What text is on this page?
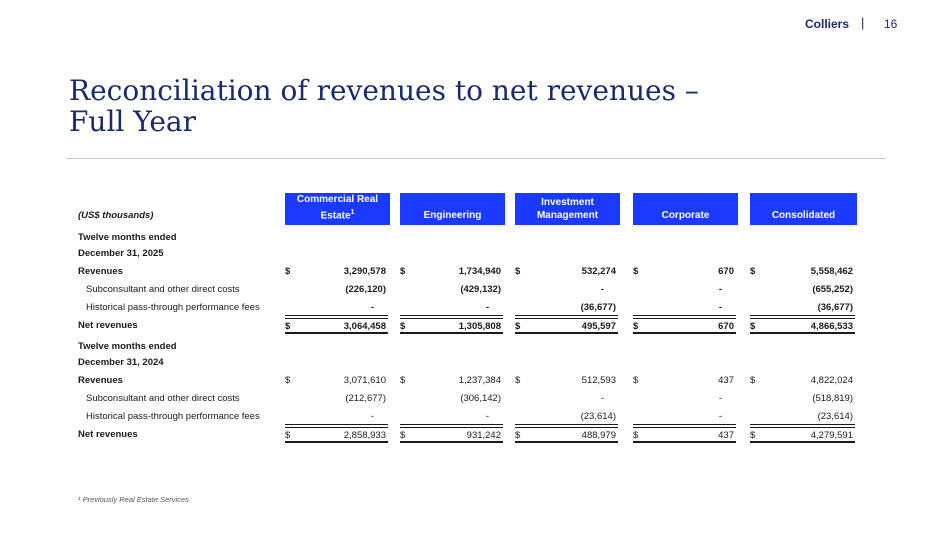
Colliers | 16
Reconciliation of revenues to net revenues –
Full Year
(US$ thousands)
Commercial Real
Estate$^1$	Engineering
Investment
Management	Corporate	Consolidated
Twelve months ended
December 31, 2025
Revenues	$	3,290,578 $	1,734,940 $	532,274 $	670 $	5,558,462
Subconsultant and other direct costs	(226,120)	(429,132)	-	-	(655,252)
Historical pass-through performance fees	-	-	(36,677)	-	(36,677)
Net revenues	$	3,064,458 $	1,305,808 $	495,597 $	670 $	4,866,533
Twelve months ended
December 31, 2024
Revenues	$	3,071,610 $	1,237,384 $	512,593 $	437 $	4,822,024
Subconsultant and other direct costs	(212,677)	(306,142)	-	-	(518,819)
Historical pass-through performance fees	-	-	(23,614)	-	(23,614)
Net revenues	$	2,858,933 $	931,242 $	488,979 $	437 $	4,279,591
¹ Previously Real Estate Services
